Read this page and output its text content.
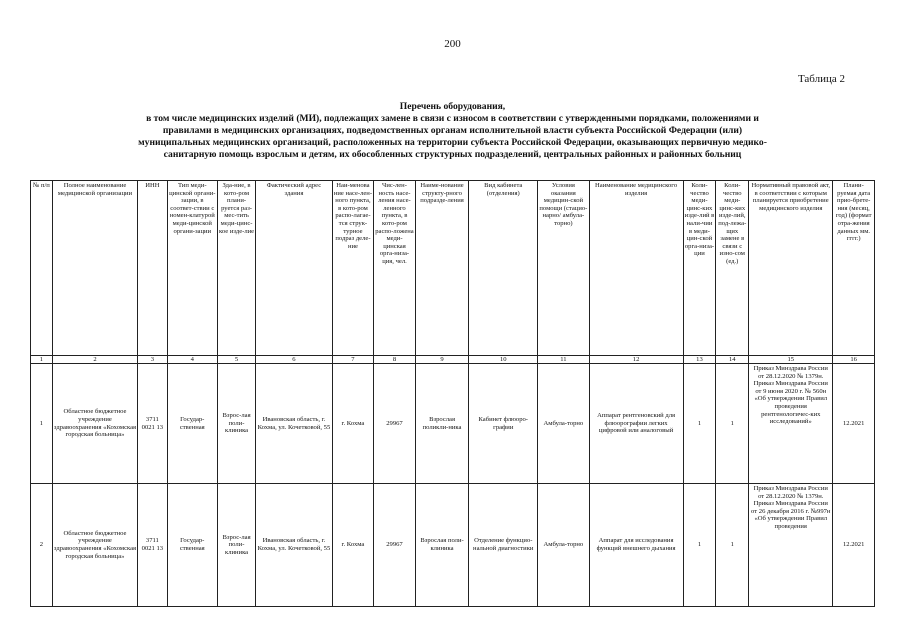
200
Таблица 2
Перечень оборудования,
в том числе медицинских изделий (МИ), подлежащих замене в связи с износом в соответствии с утвержденными порядками, положениями и
правилами в медицинских организациях, подведомственных органам исполнительной власти субъекта Российской Федерации (или)
муниципальных медицинских организаций, расположенных на территории субъекта Российской Федерации, оказывающих первичную медико-
санитарную помощь взрослым и детям, их обособленных структурных подразделений, центральных районных и районных больниц
№ п/п	Полное наименование медицинской организации	ИНН	Тип меди-цинской органи-зации, в соответ-ствии с номен-клатурой меди-цинской органи-зации	Зда-ние, в кото-ром плани-руется раз-мес-тить меди-цинс-кое изде-лие	Фактический адрес здания	Наи-менова ние насе-лен-ного пункта, в кото-ром распо-лагае-тся струк-турное подраз деле-ние	Чис-лен-ность насе-ления насе-ленного пункта, в кото-ром распо-ложена меди-цинская орга-низа-ция, чел.	Наиме-нование структу-рного подразде-ления	Вид кабинета (отделения)	Условия оказания медицин-ской помощи (стацио-нарно/ амбула-торно)	Наименование медицинского изделия	Коли-чество меди-цинс-ких изде-лий в нали-чии в меди-цин-ской орга-низа-ции	Коли-чество меди-цинс-ких изде-лий, под-лежа-щих замене в связи с изно-сом (ед.)	Нормативный правовой акт, в соответствии с которым планируется приобретение медицинского изделия	Плани-руемая дата прио-брете-ния (месяц, год) (формат отра-жения данных мм. гггг.)
1	2	3	4	5	6	7	8	9	10	11	12	13	14	15	16
1	Областное бюджетное учреждение здравоохранения «Кохомская городская больница»	3711 0021 13	Государ-ственная	Взрос-лая поли-клиника	Ивановская область, г. Кохма, ул. Кочетковой, 55	г. Кохма	29967	Взрослая поликли-ника	Кабинет флюоро-графии	Амбула-торно	Аппарат рентгеновский для флюорографии легких цифровой или аналоговый	1	1	Приказ Минздрава России от 28.12.2020 № 1379н. Приказ Минздрава России от 9 июня 2020 г. № 560н «Об утверждении Правил проведения рентгенологичес-ких исследований»	12.2021
2	Областное бюджетное учреждение здравоохранения «Кохомская городская больница»	3711 0021 13	Государ-ственная	Взрос-лая поли-клиника	Ивановская область, г. Кохма, ул. Кочетковой, 55	г. Кохма	29967	Взрослая поли-клиника	Отделение функцио-нальной диагностики	Амбула-торно	Аппарат для исследования функций внешнего дыхания	1	1	Приказ Минздрава России от 28.12.2020 № 1379н. Приказ Минздрава России от 26 декабря 2016 г. №997н «Об утверждении Правил проведения	12.2021
